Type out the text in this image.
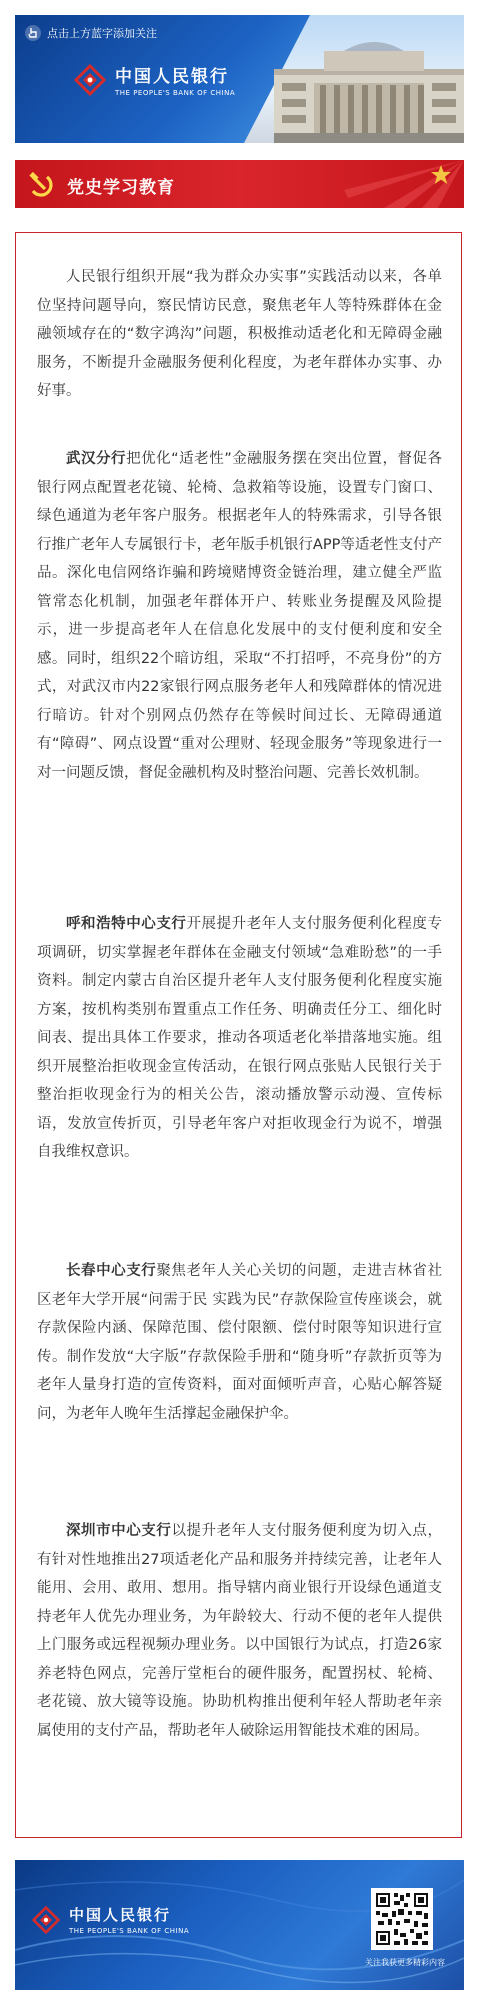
点击上方蓝字添加关注
中国人民银行
THE PEOPLE'S BANK OF CHINA
党史学习教育

人民银行组织开展“我为群众办实事”实践活动以来，各单位坚持问题导向，察民情访民意，聚焦老年人等特殊群体在金融领域存在的“数字鸿沟”问题，积极推动适老化和无障碍金融服务，不断提升金融服务便利化程度，为老年群体办实事、办好事。

武汉分行把优化“适老性”金融服务摆在突出位置，督促各银行网点配置老花镜、轮椅、急救箱等设施，设置专门窗口、绿色通道为老年客户服务。根据老年人的特殊需求，引导各银行推广老年人专属银行卡，老年版手机银行APP等适老性支付产品。深化电信网络诈骗和跨境赌博资金链治理，建立健全严监管常态化机制，加强老年群体开户、转账业务提醒及风险提示，进一步提高老年人在信息化发展中的支付便利度和安全感。同时，组织22个暗访组，采取“不打招呼，不亮身份”的方式，对武汉市内22家银行网点服务老年人和残障群体的情况进行暗访。针对个别网点仍然存在等候时间过长、无障碍通道有“障碍”、网点设置“重对公理财、轻现金服务”等现象进行一对一问题反馈，督促金融机构及时整治问题、完善长效机制。

呼和浩特中心支行开展提升老年人支付服务便利化程度专项调研，切实掌握老年群体在金融支付领域“急难盼愁”的一手资料。制定内蒙古自治区提升老年人支付服务便利化程度实施方案，按机构类别布置重点工作任务、明确责任分工、细化时间表、提出具体工作要求，推动各项适老化举措落地实施。组织开展整治拒收现金宣传活动，在银行网点张贴人民银行关于整治拒收现金行为的相关公告，滚动播放警示动漫、宣传标语，发放宣传折页，引导老年客户对拒收现金行为说不，增强自我维权意识。

长春中心支行聚焦老年人关心关切的问题，走进吉林省社区老年大学开展“问需于民 实践为民”存款保险宣传座谈会，就存款保险内涵、保障范围、偿付限额、偿付时限等知识进行宣传。制作发放“大字版”存款保险手册和“随身听”存款折页等为老年人量身打造的宣传资料，面对面倾听声音，心贴心解答疑问，为老年人晚年生活撑起金融保护伞。

深圳市中心支行以提升老年人支付服务便利度为切入点，有针对性地推出27项适老化产品和服务并持续完善，让老年人能用、会用、敢用、想用。指导辖内商业银行开设绿色通道支持老年人优先办理业务，为年龄较大、行动不便的老年人提供上门服务或远程视频办理业务。以中国银行为试点，打造26家养老特色网点，完善厅堂柜台的硬件服务，配置拐杖、轮椅、老花镜、放大镜等设施。协助机构推出便利年轻人帮助老年亲属使用的支付产品，帮助老年人破除运用智能技术难的困局。

中国人民银行
THE PEOPLE'S BANK OF CHINA
关注我获更多精彩内容
